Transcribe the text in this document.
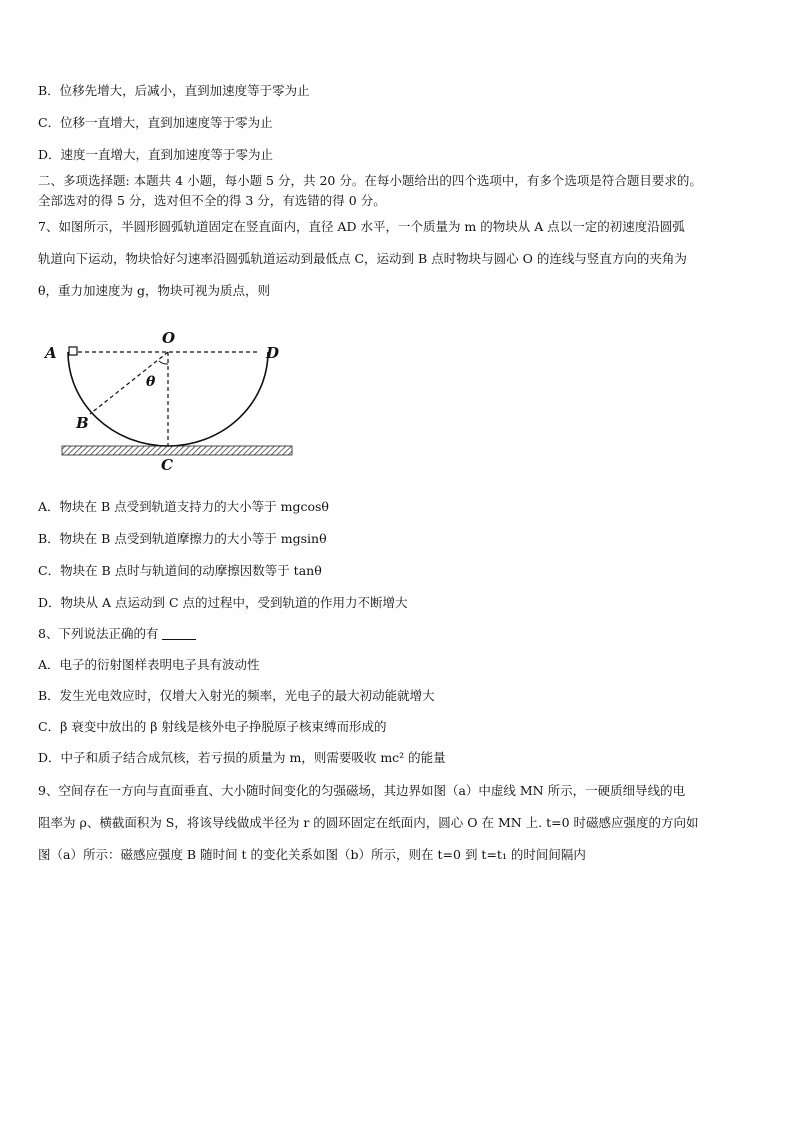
B．位移先增大，后减小，直到加速度等于零为止
C．位移一直增大，直到加速度等于零为止
D．速度一直增大，直到加速度等于零为止
二、多项选择题: 本题共 4 小题，每小题 5 分，共 20 分。在每小题给出的四个选项中，有多个选项是符合题目要求的。
全部选对的得 5 分，选对但不全的得 3 分，有选错的得 0 分。
7、如图所示，半圆形圆弧轨道固定在竖直面内，直径 AD 水平，一个质量为 m 的物块从 A 点以一定的初速度沿圆弧
轨道向下运动，物块恰好匀速率沿圆弧轨道运动到最低点 C，运动到 B 点时物块与圆心 O 的连线与竖直方向的夹角为
θ，重力加速度为 g，物块可视为质点，则
A
O
D
θ
B
C
A．物块在 B 点受到轨道支持力的大小等于 mgcosθ
B．物块在 B 点受到轨道摩擦力的大小等于 mgsinθ
C．物块在 B 点时与轨道间的动摩擦因数等于 tanθ
D．物块从 A 点运动到 C 点的过程中，受到轨道的作用力不断增大
8、下列说法正确的有
A．电子的衍射图样表明电子具有波动性
B．发生光电效应时，仅增大入射光的频率，光电子的最大初动能就增大
C．β 衰变中放出的 β 射线是核外电子挣脱原子核束缚而形成的
D．中子和质子结合成氘核，若亏损的质量为 m，则需要吸收 mc² 的能量
9、空间存在一方向与直面垂直、大小随时间变化的匀强磁场，其边界如图（a）中虚线 MN 所示，一硬质细导线的电
阻率为 ρ、横截面积为 S，将该导线做成半径为 r 的圆环固定在纸面内，圆心 O 在 MN 上. t=0 时磁感应强度的方向如
图（a）所示：磁感应强度 B 随时间 t 的变化关系如图（b）所示，则在 t=0 到 t=t₁ 的时间间隔内
